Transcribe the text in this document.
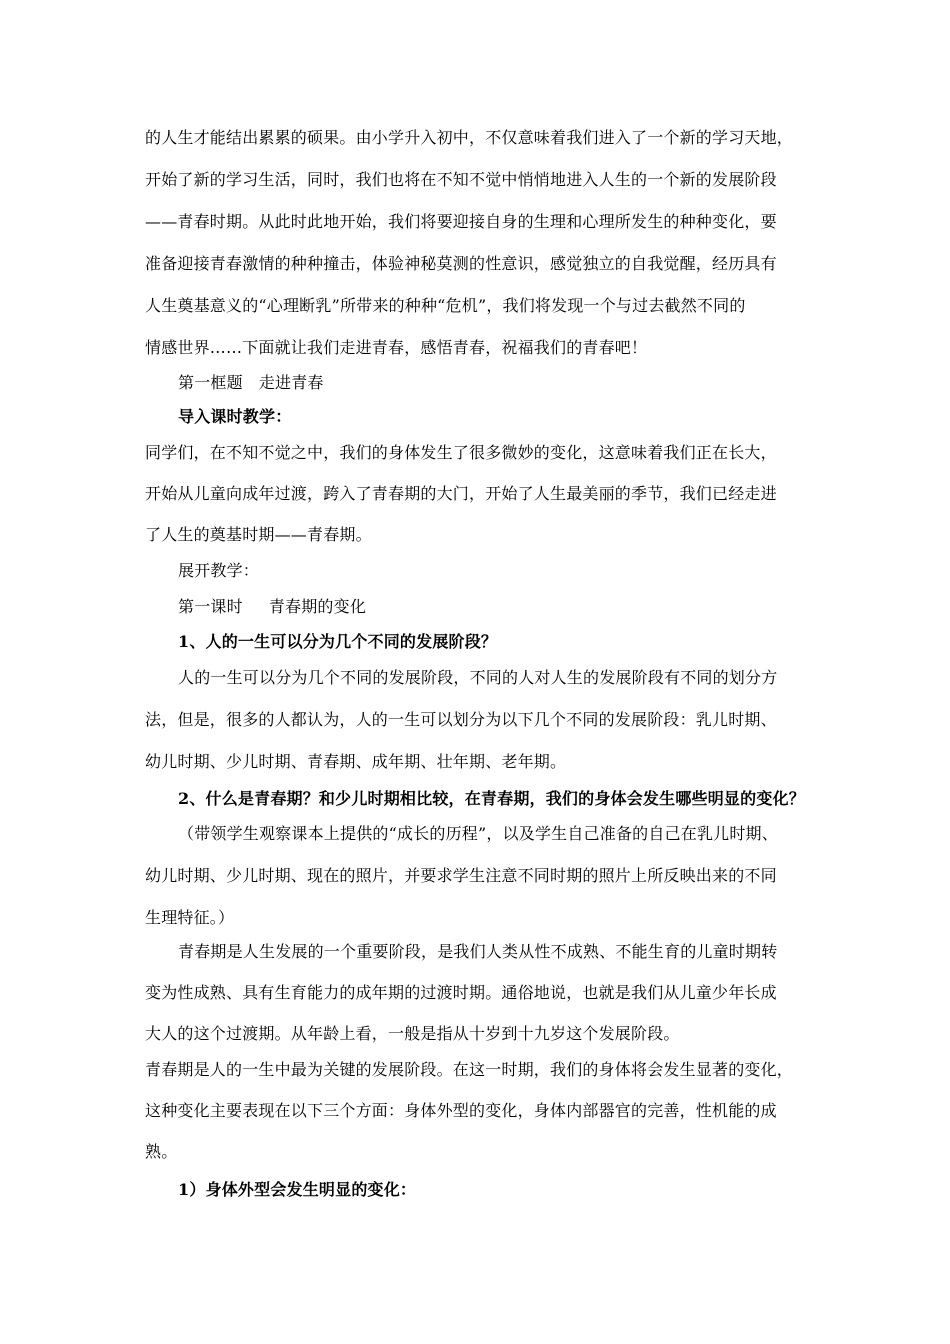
的人生才能结出累累的硕果。由小学升入初中，不仅意味着我们进入了一个新的学习天地，
开始了新的学习生活，同时，我们也将在不知不觉中悄悄地进入人生的一个新的发展阶段
——青春时期。从此时此地开始，我们将要迎接自身的生理和心理所发生的种种变化，要
准备迎接青春激情的种种撞击，体验神秘莫测的性意识，感觉独立的自我觉醒，经历具有
人生奠基意义的“心理断乳”所带来的种种“危机”，我们将发现一个与过去截然不同的
情感世界……下面就让我们走进青春，感悟青春，祝福我们的青春吧！
第一框题 走进青春
导入课时教学：
同学们，在不知不觉之中，我们的身体发生了很多微妙的变化，这意味着我们正在长大，
开始从儿童向成年过渡，跨入了青春期的大门，开始了人生最美丽的季节，我们已经走进
了人生的奠基时期——青春期。
展开教学：
第一课时 青春期的变化
1、人的一生可以分为几个不同的发展阶段？
人的一生可以分为几个不同的发展阶段，不同的人对人生的发展阶段有不同的划分方
法，但是，很多的人都认为，人的一生可以划分为以下几个不同的发展阶段：乳儿时期、
幼儿时期、少儿时期、青春期、成年期、壮年期、老年期。
2、什么是青春期？和少儿时期相比较，在青春期，我们的身体会发生哪些明显的变化？
（带领学生观察课本上提供的“成长的历程”，以及学生自己准备的自己在乳儿时期、
幼儿时期、少儿时期、现在的照片，并要求学生注意不同时期的照片上所反映出来的不同
生理特征。）
青春期是人生发展的一个重要阶段，是我们人类从性不成熟、不能生育的儿童时期转
变为性成熟、具有生育能力的成年期的过渡时期。通俗地说，也就是我们从儿童少年长成
大人的这个过渡期。从年龄上看，一般是指从十岁到十九岁这个发展阶段。
青春期是人的一生中最为关键的发展阶段。在这一时期，我们的身体将会发生显著的变化，
这种变化主要表现在以下三个方面：身体外型的变化，身体内部器官的完善，性机能的成
熟。
1）身体外型会发生明显的变化：
